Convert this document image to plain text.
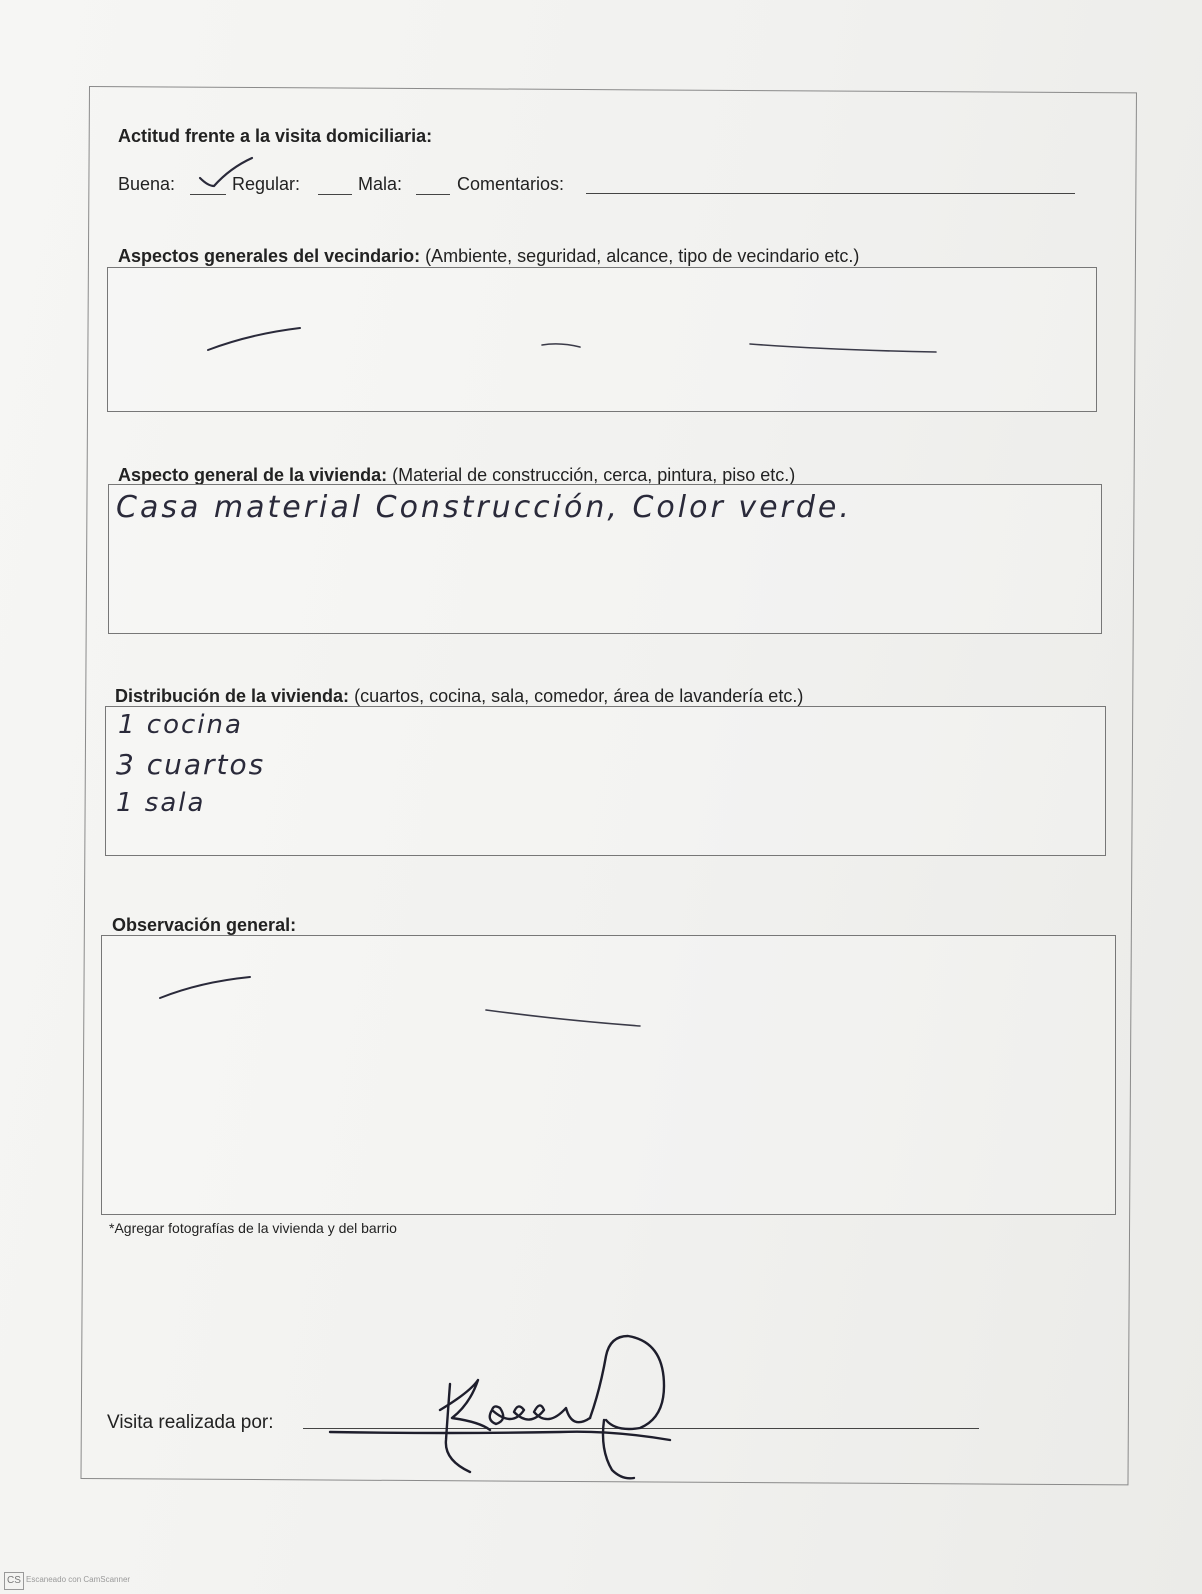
Actitud frente a la visita domiciliaria:
Buena:	Regular:	Mala:	Comentarios:
Aspectos generales del vecindario: (Ambiente, seguridad, alcance, tipo de vecindario etc.)
Aspecto general de la vivienda: (Material de construcción, cerca, pintura, piso etc.)
Casa material Construcción, Color verde.
Distribución de la vivienda: (cuartos, cocina, sala, comedor, área de lavandería etc.)
1 cocina
3 cuartos
1 sala
Observación general:
*Agregar fotografías de la vivienda y del barrio
Visita realizada por:
CS Escaneado con CamScanner
